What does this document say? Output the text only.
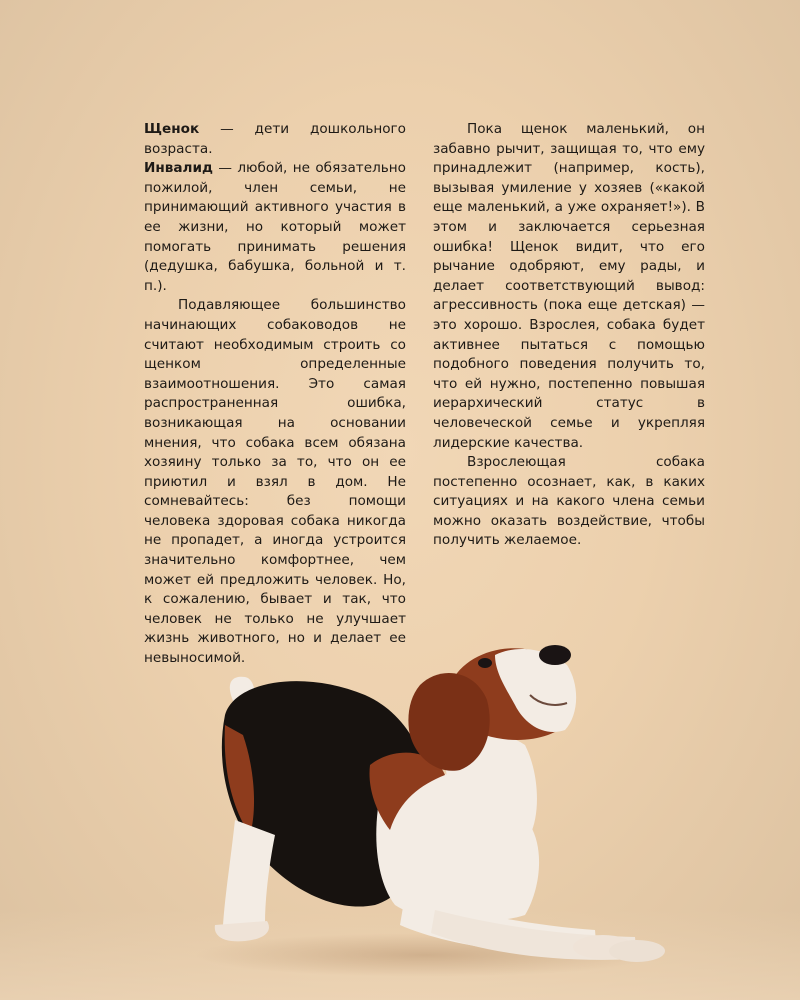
Щенок — дети дошкольного возраста.

Инвалид — любой, не обязательно пожилой, член семьи, не принимающий активного участия в ее жизни, но который может помогать принимать решения (дедушка, бабушка, больной и т. п.).

Подавляющее большинство начинающих собаководов не считают необходимым строить со щенком определенные взаимоотношения. Это самая распространенная ошибка, возникающая на основании мнения, что собака всем обязана хозяину только за то, что он ее приютил и взял в дом. Не сомневайтесь: без помощи человека здоровая собака никогда не пропадет, а иногда устроится значительно комфортнее, чем может ей предложить человек. Но, к сожалению, бывает и так, что человек не только не улучшает жизнь животного, но и делает ее невыносимой.

Пока щенок маленький, он забавно рычит, защищая то, что ему принадлежит (например, кость), вызывая умиление у хозяев («какой еще маленький, а уже охраняет!»). В этом и заключается серьезная ошибка! Щенок видит, что его рычание одобряют, ему рады, и делает соответствующий вывод: агрессивность (пока еще детская) — это хорошо. Взрослея, собака будет активнее пытаться с помощью подобного поведения получить то, что ей нужно, постепенно повышая иерархический статус в человеческой семье и укрепляя лидерские качества.

Взрослеющая собака постепенно осознает, как, в каких ситуациях и на какого члена семьи можно оказать воздействие, чтобы получить желаемое.
